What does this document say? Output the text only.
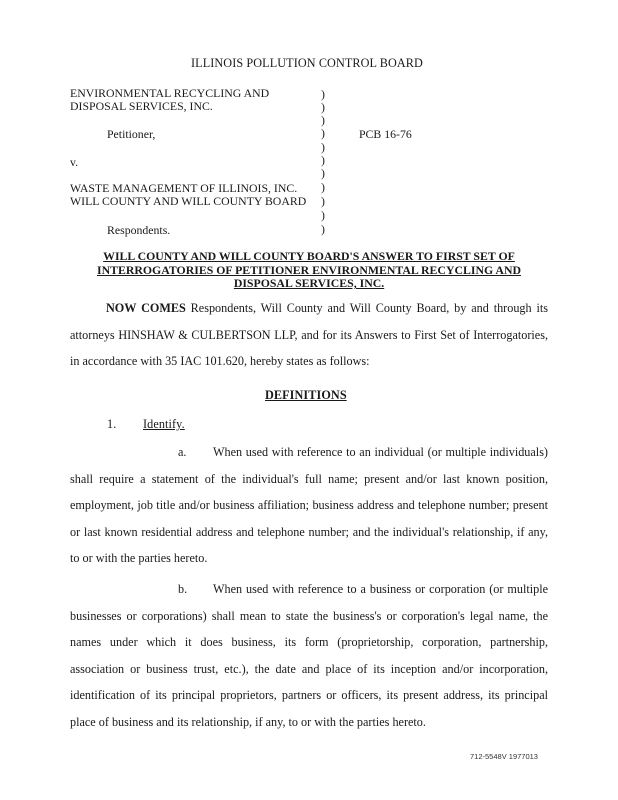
ILLINOIS POLLUTION CONTROL BOARD
ENVIRONMENTAL RECYCLING AND
DISPOSAL SERVICES, INC.
Petitioner,
v.
WASTE MANAGEMENT OF ILLINOIS, INC.
WILL COUNTY AND WILL COUNTY BOARD
Respondents.
)
)
)
)
)
)
)
)
)
)
)
PCB 16-76
WILL COUNTY AND WILL COUNTY BOARD'S ANSWER TO FIRST SET OF
INTERROGATORIES OF PETITIONER ENVIRONMENTAL RECYCLING AND
DISPOSAL SERVICES, INC.
NOW COMES Respondents, Will County and Will County Board, by and through its attorneys HINSHAW & CULBERTSON LLP, and for its Answers to First Set of Interrogatories, in accordance with 35 IAC 101.620, hereby states as follows:
DEFINITIONS
1. Identify.
a. When used with reference to an individual (or multiple individuals) shall require a statement of the individual's full name; present and/or last known position, employment, job title and/or business affiliation; business address and telephone number; present or last known residential address and telephone number; and the individual's relationship, if any, to or with the parties hereto.
b. When used with reference to a business or corporation (or multiple businesses or corporations) shall mean to state the business's or corporation's legal name, the names under which it does business, its form (proprietorship, corporation, partnership, association or business trust, etc.), the date and place of its inception and/or incorporation, identification of its principal proprietors, partners or officers, its present address, its principal place of business and its relationship, if any, to or with the parties hereto.
712-5548V 1977013
